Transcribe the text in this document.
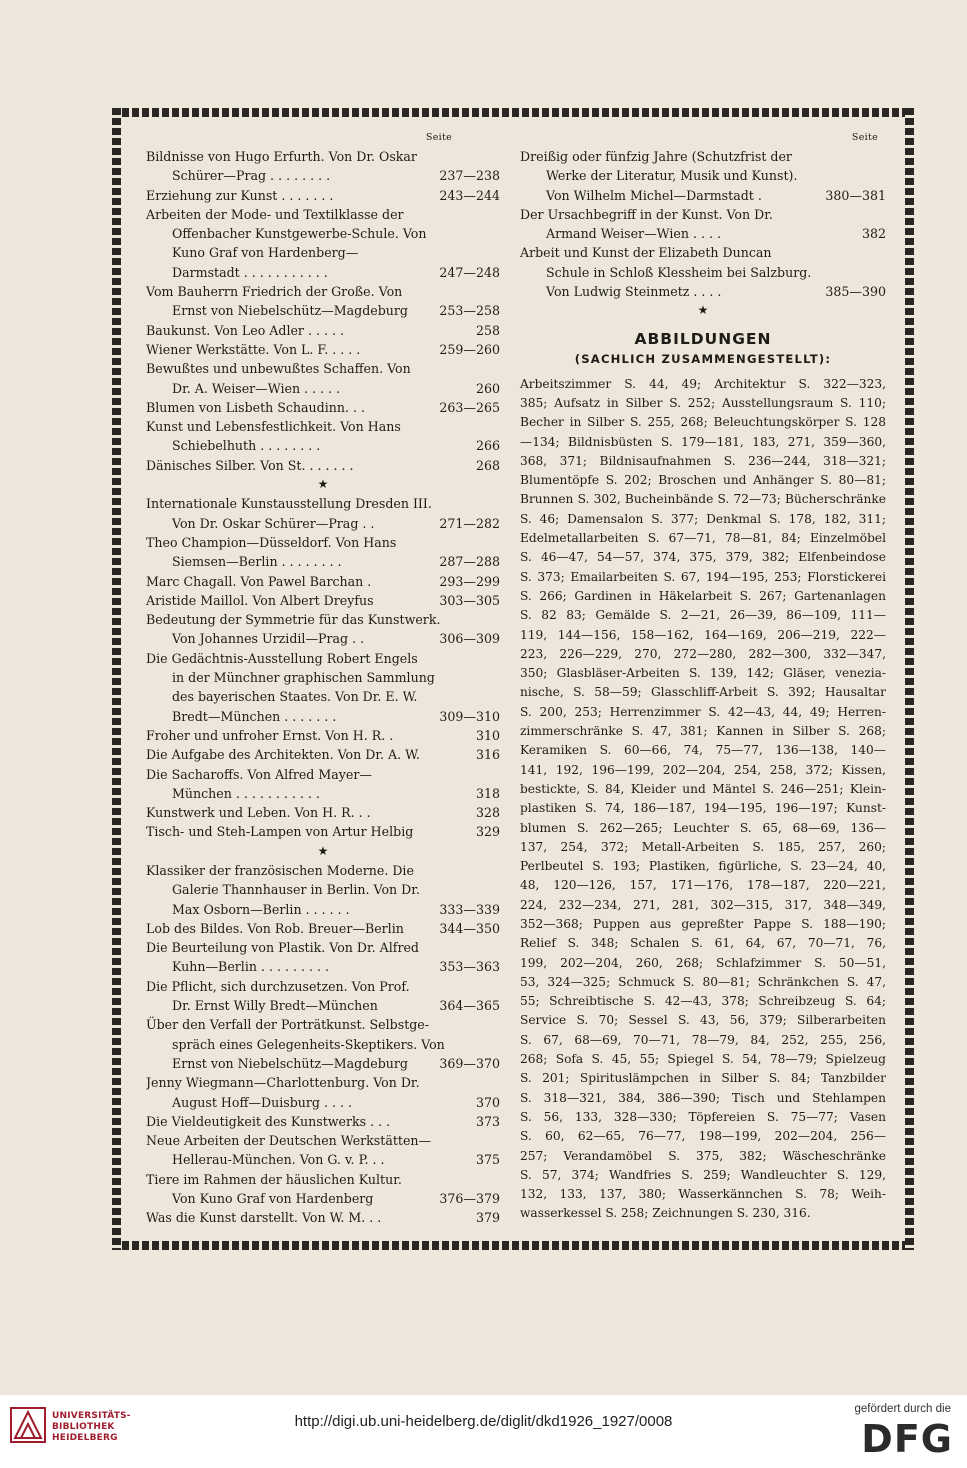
Seite
Bildnisse von Hugo Erfurth. Von Dr. Oskar
Schürer—Prag . . . . . . . .	237—238
Erziehung zur Kunst . . . . . . .	243—244
Arbeiten der Mode- und Textilklasse der
Offenbacher Kunstgewerbe-Schule. Von
Kuno Graf von Hardenberg—
Darmstadt . . . . . . . . . . .	247—248
Vom Bauherrn Friedrich der Große. Von
Ernst von Niebelschütz—Magdeburg	253—258
Baukunst. Von Leo Adler . . . . .	258
Wiener Werkstätte. Von L. F. . . . .	259—260
Bewußtes und unbewußtes Schaffen. Von
Dr. A. Weiser—Wien . . . . .	260
Blumen von Lisbeth Schaudinn. . .	263—265
Kunst und Lebensfestlichkeit. Von Hans
Schiebelhuth . . . . . . . .	266
Dänisches Silber. Von St. . . . . . .	268
★
Internationale Kunstausstellung Dresden III.
Von Dr. Oskar Schürer—Prag . .	271—282
Theo Champion—Düsseldorf. Von Hans
Siemsen—Berlin . . . . . . . .	287—288
Marc Chagall. Von Pawel Barchan .	293—299
Aristide Maillol. Von Albert Dreyfus	303—305
Bedeutung der Symmetrie für das Kunstwerk.
Von Johannes Urzidil—Prag . .	306—309
Die Gedächtnis-Ausstellung Robert Engels
in der Münchner graphischen Sammlung
des bayerischen Staates. Von Dr. E. W.
Bredt—München . . . . . . .	309—310
Froher und unfroher Ernst. Von H. R. .	310
Die Aufgabe des Architekten. Von Dr. A. W.	316
Die Sacharoffs. Von Alfred Mayer—
München . . . . . . . . . . .	318
Kunstwerk und Leben. Von H. R. . .	328
Tisch- und Steh-Lampen von Artur Helbig	329
★
Klassiker der französischen Moderne. Die
Galerie Thannhauser in Berlin. Von Dr.
Max Osborn—Berlin . . . . . .	333—339
Lob des Bildes. Von Rob. Breuer—Berlin	344—350
Die Beurteilung von Plastik. Von Dr. Alfred
Kuhn—Berlin . . . . . . . . .	353—363
Die Pflicht, sich durchzusetzen. Von Prof.
Dr. Ernst Willy Bredt—München	364—365
Über den Verfall der Porträtkunst. Selbstge-
spräch eines Gelegenheits-Skeptikers. Von
Ernst von Niebelschütz—Magdeburg	369—370
Jenny Wiegmann—Charlottenburg. Von Dr.
August Hoff—Duisburg . . . .	370
Die Vieldeutigkeit des Kunstwerks . . .	373
Neue Arbeiten der Deutschen Werkstätten—
Hellerau-München. Von G. v. P. . .	375
Tiere im Rahmen der häuslichen Kultur.
Von Kuno Graf von Hardenberg	376—379
Was die Kunst darstellt. Von W. M. . .	379
Seite
Dreißig oder fünfzig Jahre (Schutzfrist der
Werke der Literatur, Musik und Kunst).
Von Wilhelm Michel—Darmstadt .	380—381
Der Ursachbegriff in der Kunst. Von Dr.
Armand Weiser—Wien . . . .	382
Arbeit und Kunst der Elizabeth Duncan
Schule in Schloß Klessheim bei Salzburg.
Von Ludwig Steinmetz . . . .	385—390
★
ABBILDUNGEN
(SACHLICH ZUSAMMENGESTELLT):

Arbeitszimmer S. 44, 49; Architektur S. 322—323,

385; Aufsatz in Silber S. 252; Ausstellungsraum S. 110;

Becher in Silber S. 255, 268; Beleuchtungskörper S. 128

—134; Bildnisbüsten S. 179—181, 183, 271, 359—360,

368, 371; Bildnisaufnahmen S. 236—244, 318—321;

Blumentöpfe S. 202; Broschen und Anhänger S. 80—81;

Brunnen S. 302, Bucheinbände S. 72—73; Bücherschränke

S. 46; Damensalon S. 377; Denkmal S. 178, 182, 311;

Edelmetallarbeiten S. 67—71, 78—81, 84; Einzelmöbel

S. 46—47, 54—57, 374, 375, 379, 382; Elfenbeindose

S. 373; Emailarbeiten S. 67, 194—195, 253; Florstickerei

S. 266; Gardinen in Häkelarbeit S. 267; Gartenanlagen

S. 82 83; Gemälde S. 2—21, 26—39, 86—109, 111—

119, 144—156, 158—162, 164—169, 206—219, 222—

223, 226—229, 270, 272—280, 282—300, 332—347,

350; Glasbläser-Arbeiten S. 139, 142; Gläser, venezia-

nische, S. 58—59; Glasschliff-Arbeit S. 392; Hausaltar

S. 200, 253; Herrenzimmer S. 42—43, 44, 49; Herren-

zimmerschränke S. 47, 381; Kannen in Silber S. 268;

Keramiken S. 60—66, 74, 75—77, 136—138, 140—

141, 192, 196—199, 202—204, 254, 258, 372; Kissen,

bestickte, S. 84, Kleider und Mäntel S. 246—251; Klein-

plastiken S. 74, 186—187, 194—195, 196—197; Kunst-

blumen S. 262—265; Leuchter S. 65, 68—69, 136—

137, 254, 372; Metall-Arbeiten S. 185, 257, 260;

Perlbeutel S. 193; Plastiken, figürliche, S. 23—24, 40,

48, 120—126, 157, 171—176, 178—187, 220—221,

224, 232—234, 271, 281, 302—315, 317, 348—349,

352—368; Puppen aus gepreßter Pappe S. 188—190;

Relief S. 348; Schalen S. 61, 64, 67, 70—71, 76,

199, 202—204, 260, 268; Schlafzimmer S. 50—51,

53, 324—325; Schmuck S. 80—81; Schränkchen S. 47,

55; Schreibtische S. 42—43, 378; Schreibzeug S. 64;

Service S. 70; Sessel S. 43, 56, 379; Silberarbeiten

S. 67, 68—69, 70—71, 78—79, 84, 252, 255, 256,

268; Sofa S. 45, 55; Spiegel S. 54, 78—79; Spielzeug

S. 201; Spirituslämpchen in Silber S. 84; Tanzbilder

S. 318—321, 384, 386—390; Tisch und Stehlampen

S. 56, 133, 328—330; Töpfereien S. 75—77; Vasen

S. 60, 62—65, 76—77, 198—199, 202—204, 256—

257; Verandamöbel S. 375, 382; Wäscheschränke

S. 57, 374; Wandfries S. 259; Wandleuchter S. 129,

132, 133, 137, 380; Wasserkännchen S. 78; Weih-

wasserkessel S. 258; Zeichnungen S. 230, 316.

UNIVERSITÄTS-
BIBLIOTHEK
HEIDELBERG
http://digi.ub.uni-heidelberg.de/diglit/dkd1926_1927/0008
gefördert durch die
DFG
